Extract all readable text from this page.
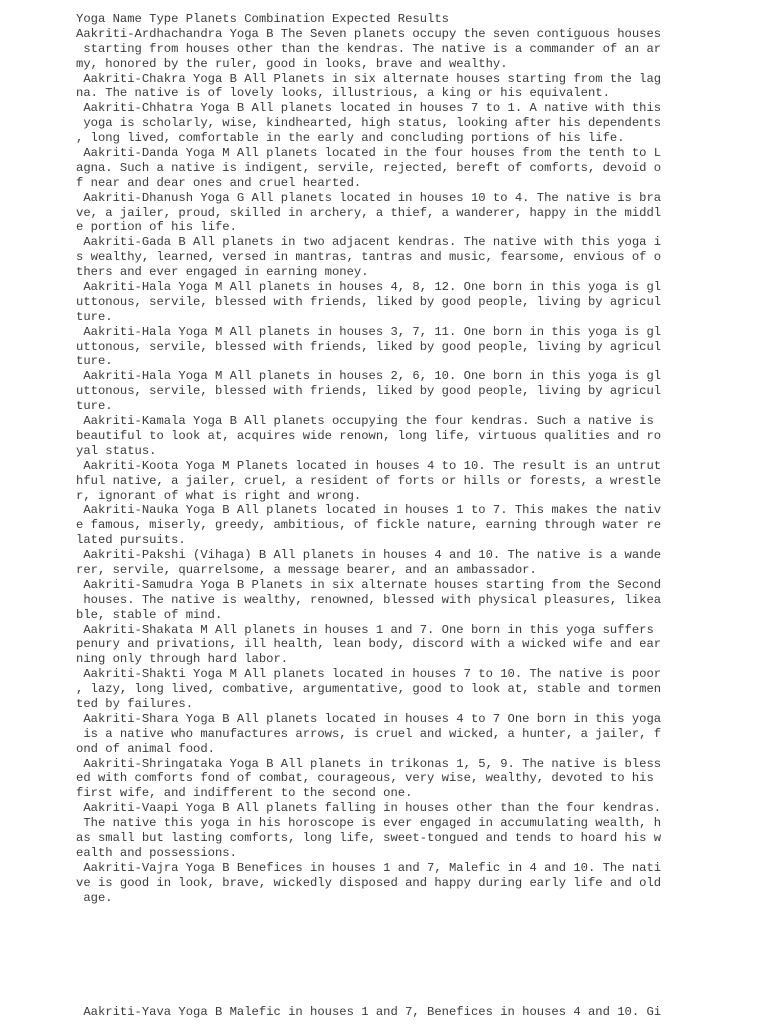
Yoga Name Type Planets Combination Expected Results
Aakriti-Ardhachandra Yoga B The Seven planets occupy the seven contiguous houses
starting from houses other than the kendras. The native is a commander of an ar
my, honored by the ruler, good in looks, brave and wealthy.
Aakriti-Chakra Yoga B All Planets in six alternate houses starting from the lag
na. The native is of lovely looks, illustrious, a king or his equivalent.
Aakriti-Chhatra Yoga B All planets located in houses 7 to 1. A native with this
yoga is scholarly, wise, kindhearted, high status, looking after his dependents
, long lived, comfortable in the early and concluding portions of his life.
Aakriti-Danda Yoga M All planets located in the four houses from the tenth to L
agna. Such a native is indigent, servile, rejected, bereft of comforts, devoid o
f near and dear ones and cruel hearted.
Aakriti-Dhanush Yoga G All planets located in houses 10 to 4. The native is bra
ve, a jailer, proud, skilled in archery, a thief, a wanderer, happy in the middl
e portion of his life.
Aakriti-Gada B All planets in two adjacent kendras. The native with this yoga i
s wealthy, learned, versed in mantras, tantras and music, fearsome, envious of o
thers and ever engaged in earning money.
Aakriti-Hala Yoga M All planets in houses 4, 8, 12. One born in this yoga is gl
uttonous, servile, blessed with friends, liked by good people, living by agricul
ture.
Aakriti-Hala Yoga M All planets in houses 3, 7, 11. One born in this yoga is gl
uttonous, servile, blessed with friends, liked by good people, living by agricul
ture.
Aakriti-Hala Yoga M All planets in houses 2, 6, 10. One born in this yoga is gl
uttonous, servile, blessed with friends, liked by good people, living by agricul
ture.
Aakriti-Kamala Yoga B All planets occupying the four kendras. Such a native is
beautiful to look at, acquires wide renown, long life, virtuous qualities and ro
yal status.
Aakriti-Koota Yoga M Planets located in houses 4 to 10. The result is an untrut
hful native, a jailer, cruel, a resident of forts or hills or forests, a wrestle
r, ignorant of what is right and wrong.
Aakriti-Nauka Yoga B All planets located in houses 1 to 7. This makes the nativ
e famous, miserly, greedy, ambitious, of fickle nature, earning through water re
lated pursuits.
Aakriti-Pakshi (Vihaga) B All planets in houses 4 and 10. The native is a wande
rer, servile, quarrelsome, a message bearer, and an ambassador.
Aakriti-Samudra Yoga B Planets in six alternate houses starting from the Second
houses. The native is wealthy, renowned, blessed with physical pleasures, likea
ble, stable of mind.
Aakriti-Shakata M All planets in houses 1 and 7. One born in this yoga suffers
penury and privations, ill health, lean body, discord with a wicked wife and ear
ning only through hard labor.
Aakriti-Shakti Yoga M All planets located in houses 7 to 10. The native is poor
, lazy, long lived, combative, argumentative, good to look at, stable and tormen
ted by failures.
Aakriti-Shara Yoga B All planets located in houses 4 to 7 One born in this yoga
is a native who manufactures arrows, is cruel and wicked, a hunter, a jailer, f
ond of animal food.
Aakriti-Shringataka Yoga B All planets in trikonas 1, 5, 9. The native is bless
ed with comforts fond of combat, courageous, very wise, wealthy, devoted to his
first wife, and indifferent to the second one.
Aakriti-Vaapi Yoga B All planets falling in houses other than the four kendras.
The native this yoga in his horoscope is ever engaged in accumulating wealth, h
as small but lasting comforts, long life, sweet-tongued and tends to hoard his w
ealth and possessions.
Aakriti-Vajra Yoga B Benefices in houses 1 and 7, Malefic in 4 and 10. The nati
ve is good in look, brave, wickedly disposed and happy during early life and old
age.
Aakriti-Yava Yoga B Malefic in houses 1 and 7, Benefices in houses 4 and 10. Gi
